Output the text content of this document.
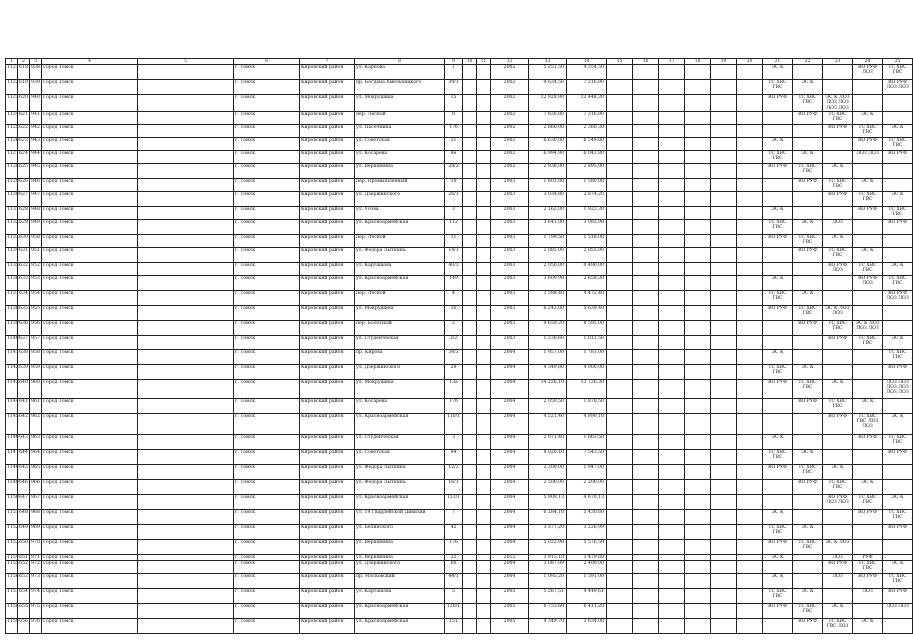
1	2	3	4	5	6	7	8	9	10	11	12	13	14	15	16	17	18	19	20	21	22	23	24	25
1121	618	938	Город Томск		г. Томск	Кировский район	ул. Карпова	1			2002	5 251,50	4 354,50							ЭС К			ВО РУФ ЛОЗ	ТС ХВС ГВС
1122	619	939	Город Томск		г. Томск	Кировский район	пр. Богдана Хмельницкого	39/1			2002	9 634,50	7 216,90							ТС ХВС ГВС	ЭС К			ВО РУФ ЛОЗ ЛОЗ
1123	620	940	Город Томск		г. Томск	Кировский район	ул. Мокрушина	15			2002	12 928,90	12 448,30							ВО РУФ	ТС ХВС ГВС	ЭС К ЛОЗ ЛОЗ ЛОЗ ЛОЗ ЛОЗ		
1124	621	941	Город Томск		г. Томск	Кировский район	пер. Лесной	8			2002	7 838,80	7 316,90								ВО РУФ	ТС ХВС ГВС	ЭС К	
1125	622	942	Город Томск		г. Томск	Кировский район	ул. Пасечника	17б			2002	2 660,00	2 360,30									ВО РУФ	ТС ХВС ГВС	ЭС К
1126	623	943	Город Томск		г. Томск	Кировский район	ул. Советская	51			2002	6 630,00	6 549,00							ЭС К			ВО РУФ	ТС ХВС ГВС
1127	624	944	Город Томск		г. Томск	Кировский район	ул. Косарева	8е			2002	6 994,90	6 043,80							ТС ХВС ГВС	ЭС К		ЛОЗ ЛОЗ	ВО РУФ
1128	625	945	Город Томск		г. Томск	Кировский район	ул. Вершинина	28/2			2002	2 938,00	2 895,00							ВО РУФ	ТС ХВС ГВС	ЭС К		
1129	626	946	Город Томск		г. Томск	Кировский район	пер. Промышленный	10			2003	1 603,80	1 580,00								ВО РУФ	ТС ХВС ГВС	ЭС К	
1130	627	947	Город Томск		г. Томск	Кировский район	ул. Дзержинского	26/1			2003	3 034,80	2 874,20									ВО РУФ	ТС ХВС ГВС	ЭС К
1131	628	948	Город Томск		г. Томск	Кировский район	ул. Усова	3			2003	2 162,00	1 922,30							ЭС К			ВО РУФ	ТС ХВС ГВС
1132	629	949	Город Томск		г. Томск	Кировский район	ул. Красноармейская	112			2003	3 641,00	3 092,90							ТС ХВС ГВС	ЭС К	ЛОЗ		ВО РУФ
1133	630	950	Город Томск		г. Томск	Кировский район	пер. Лесной	11			2003	1 799,50	1 518,00							ВО РУФ	ТС ХВС ГВС	ЭС К		
1134	631	951	Город Томск		г. Томск	Кировский район	ул. Федора Лыткина	14/1			2003	2 085,00	2 055,00								ВО РУФ	ТС ХВС ГВС	ЭС К	
1135	632	952	Город Томск		г. Томск	Кировский район	ул. Карташова	40/3			2003	2 050,00	0 490,00									ВО РУФ ЛОЗ	ТС ХВС ГВС	ЭС К
1136	633	953	Город Томск		г. Томск	Кировский район	ул. Красноармейская	149			2003	3 609,90	2 658,30							ЭС К			ВО РУФ ЛОЗ	ТС ХВС ГВС
1137	634	954	Город Томск		г. Томск	Кировский район	пер. Лесной	4			2003	3 598,40	4 472,40							ТС ХВС ГВС	ЭС К			ВО РУФ ЛОЗ ЛОЗ
1138	635	955	Город Томск		г. Томск	Кировский район	ул. Мокрушина	16			2003	6 243,00	5 639,40							ВО РУФ	ТС ХВС ГВС	ЭС К ЛОЗ ЛОЗ		
1139	636	956	Город Томск		г. Томск	Кировский район	пер. Болотный	2			2003	9 659,20	8 595,00								ВО РУФ	ТС ХВС ГВС	ЭС К ЛОЗ ЛОЗ ЛОЗ	
1140	637	957	Город Томск		г. Томск	Кировский район	ул. Студенческая	3/2			2003	1 230,60	1 011,50									ВО РУФ	ТС ХВС ГВС	ЭС К
1141	638	958	Город Томск		г. Томск	Кировский район	пр. Кирова	34/3			2004	1 957,00	1 781,00							ЭС К				ТС ХВС ГВС
1142	639	959	Город Томск		г. Томск	Кировский район	ул. Дзержинского	29			2004	4 349,80	4 000,00							ТС ХВС ГВС	ЭС К			ВО РУФ
1143	640	960	Город Томск		г. Томск	Кировский район	ул. Мокрушина	13а			2004	14 226,10	13 726,30							ВО РУФ	ТС ХВС ГВС	ЭС К		ЛОЗ ЛОЗ ЛОЗ ЛОЗ ЛОЗ ЛОЗ
1144	641	961	Город Томск		г. Томск	Кировский район	ул. Косарева	17б			2004	2 050,50	1 870,50								ВО РУФ	ТС ХВС ГВС	ЭС К	
1145	642	962	Город Томск		г. Томск	Кировский район	ул. Красноармейская	116/1			2004	4 521,40	4 890,10									ВО РУФ	ТС ХВС ГВС ЛОЗ ЛОЗ	ЭС К
1146	643	963	Город Томск		г. Томск	Кировский район	ул. Студенческая	3			2004	2 071,40	1 663,50							ЭС К			ВО РУФ	ТС ХВС ГВС
1147	644	964	Город Томск		г. Томск	Кировский район	ул. Советская	84			2004	8 020,10	7 543,50							ТС ХВС ГВС	ЭС К			ВО РУФ
1148	645	965	Город Томск		г. Томск	Кировский район	ул. Федора Лыткина	12/2			2004	2 209,00	1 947,00							ВО РУФ	ТС ХВС ГВС	ЭС К		
1149	646	966	Город Томск		г. Томск	Кировский район	ул. Федора Лыткина	16/1			2004	2 500,00	2 200,00								ВО РУФ	ТС ХВС ГВС	ЭС К	
1150	647	967	Город Томск		г. Томск	Кировский район	ул. Красноармейская	151/1			2004	5 909,13	4 670,13									ВО РУФ ЛОЗ ЛОЗ	ТС ХВС ГВС	ЭС К
1151	648	968	Город Томск		г. Томск	Кировский район	ул. 19 Гвардейской Дивизии	7			2004	6 284,10	5 430,60							ЭС К			ВО РУФ	ТС ХВС ГВС
1152	649	969	Город Томск		г. Томск	Кировский район	ул. Белинского	42			2004	3 377,20	3 226,99							ТС ХВС ГВС	ЭС К			ВО РУФ
1153	650	970	Город Томск		г. Томск	Кировский район	ул. Вершинина	17б			2004	5 022,90	5 576,50							ВО РУФ	ТС ХВС ГВС	ЭС К ЛОЗ		
1154	651	971	Город Томск		г. Томск	Кировский район	ул. Вершинина	22			2012	3 913,10	3 479,60							ЭС К		ЛОЗ	РУФ	
1155	652	972	Город Томск		г. Томск	Кировский район	ул. Дзержинского	60			2004	3 087,99	2 400,00									ВО РУФ	ТС ХВС ГВС	ЭС К
1156	653	973	Город Томск		г. Томск	Кировский район	пр. Московский	44/1			2004	1 095,20	1 391,00							ЭС К		ЛОЗ	ВО РУФ	ТС ХВС ГВС
1157	654	974	Город Томск		г. Томск	Кировский район	ул. Карташова	5			2005	5 267,51	4 449,61							ТС ХВС ГВС	ЭС К		ЛОЗ	ВО РУФ
1158	655	975	Город Томск		г. Томск	Кировский район	ул. Красноармейская	120/1			2005	6 753,60	6 411,20							ВО РУФ	ТС ХВС ГВС	ЭС К		ЛОЗ ЛОЗ
1159	656	976	Город Томск		г. Томск	Кировский район	ул. Красноармейская	151			2005	4 349,70	3 634,00								ВО РУФ	ТС ХВС ГВС ЛОЗ	ЭС К	
